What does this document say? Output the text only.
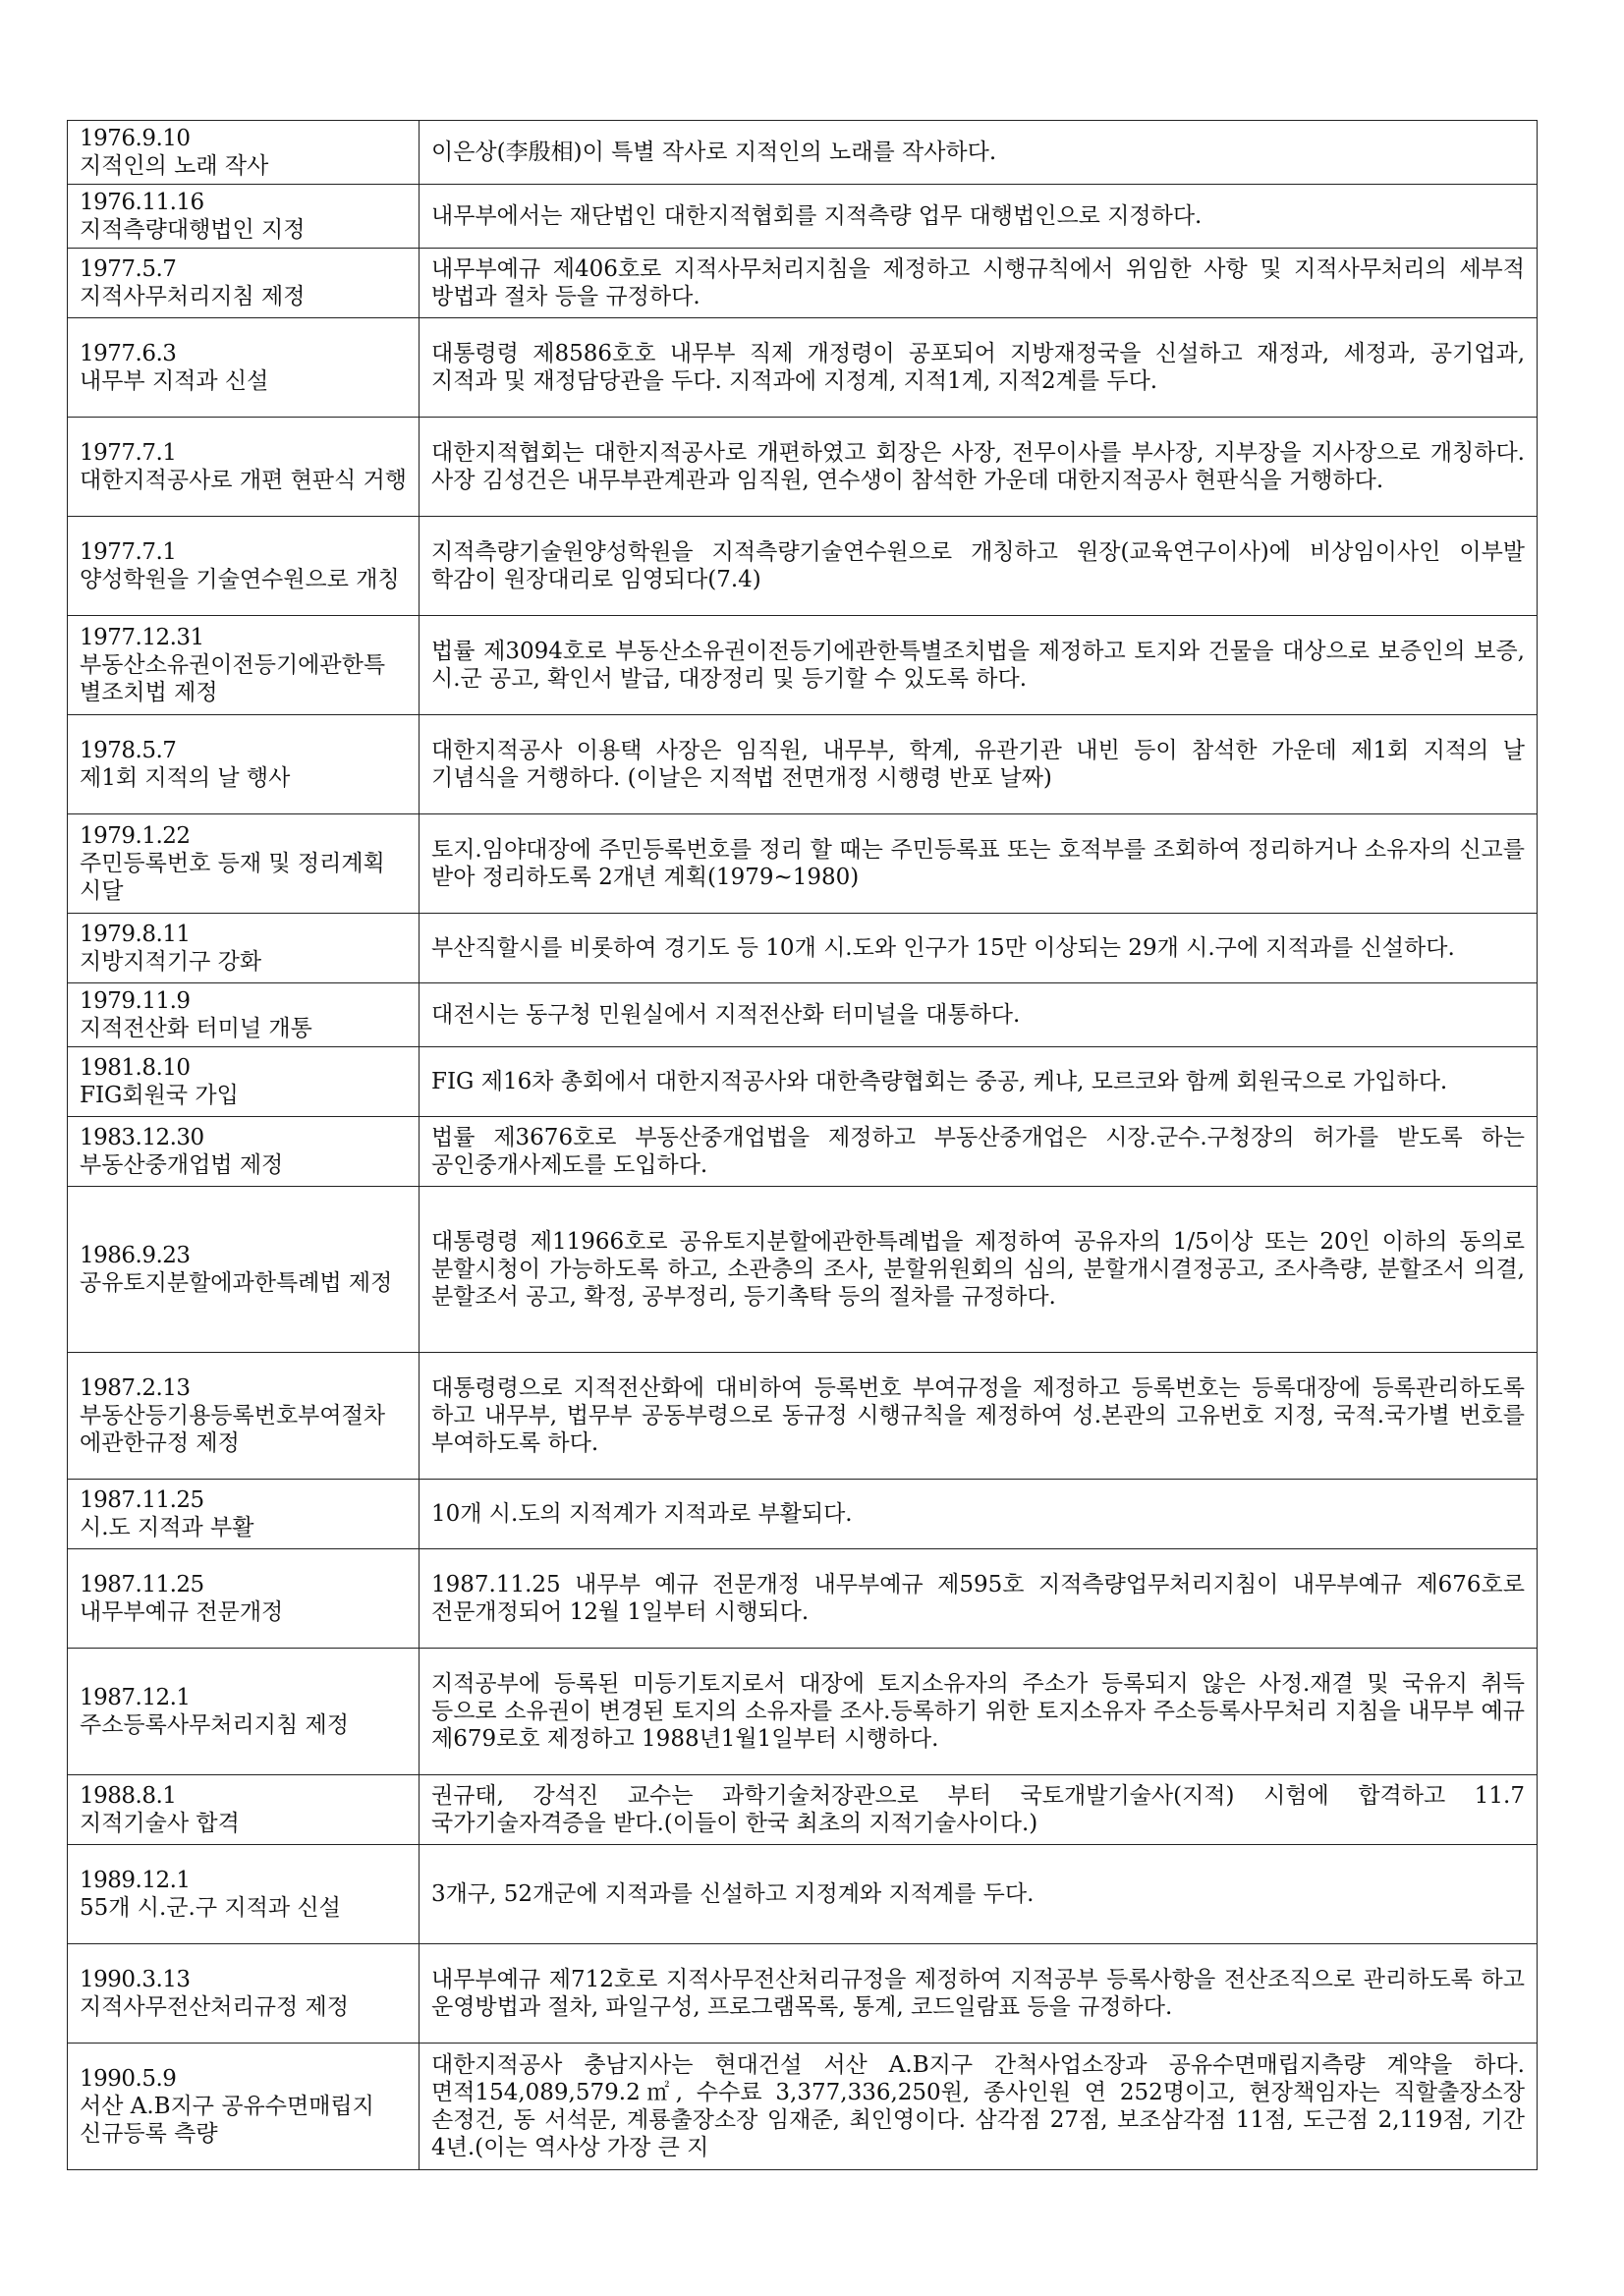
1976.9.10
지적인의 노래 작사	이은상(李殷相)이 특별 작사로 지적인의 노래를 작사하다.

1976.11.16
지적측량대행법인 지정	내무부에서는 재단법인 대한지적협회를 지적측량 업무 대행법인으로 지정하다.

1977.5.7
지적사무처리지침 제정	내무부예규 제406호로 지적사무처리지침을 제정하고 시행규칙에서 위임한 사항 및 지적사무처리의 세부적 방법과 절차 등을 규정하다.

1977.6.3
내무부 지적과 신설	대통령령 제8586호호 내무부 직제 개정령이 공포되어 지방재정국을 신설하고 재정과, 세정과, 공기업과, 지적과 및 재정담당관을 두다. 지적과에 지정계, 지적1계, 지적2계를 두다.

1977.7.1
대한지적공사로 개편 현판식 거행	대한지적협회는 대한지적공사로 개편하였고 회장은 사장, 전무이사를 부사장, 지부장을 지사장으로 개칭하다. 사장 김성건은 내무부관계관과 임직원, 연수생이 참석한 가운데 대한지적공사 현판식을 거행하다.

1977.7.1
양성학원을 기술연수원으로 개칭	지적측량기술원양성학원을 지적측량기술연수원으로 개칭하고 원장(교육연구이사)에 비상임이사인 이부발 학감이 원장대리로 임영되다(7.4)

1977.12.31
부동산소유권이전등기에관한특별조치법 제정	법률 제3094호로 부동산소유권이전등기에관한특별조치법을 제정하고 토지와 건물을 대상으로 보증인의 보증, 시.군 공고, 확인서 발급, 대장정리 및 등기할 수 있도록 하다.

1978.5.7
제1회 지적의 날 행사	대한지적공사 이용택 사장은 임직원, 내무부, 학계, 유관기관 내빈 등이 참석한 가운데 제1회 지적의 날 기념식을 거행하다. (이날은 지적법 전면개정 시행령 반포 날짜)

1979.1.22
주민등록번호 등재 및 정리계획 시달	토지.임야대장에 주민등록번호를 정리 할 때는 주민등록표 또는 호적부를 조회하여 정리하거나 소유자의 신고를 받아 정리하도록 2개년 계획(1979~1980)

1979.8.11
지방지적기구 강화	부산직할시를 비롯하여 경기도 등 10개 시.도와 인구가 15만 이상되는 29개 시.구에 지적과를 신설하다.

1979.11.9
지적전산화 터미널 개통	대전시는 동구청 민원실에서 지적전산화 터미널을 대통하다.

1981.8.10
FIG회원국 가입	FIG 제16차 총회에서 대한지적공사와 대한측량협회는 중공, 케냐, 모르코와 함께 회원국으로 가입하다.

1983.12.30
부동산중개업법 제정	법률 제3676호로 부동산중개업법을 제정하고 부동산중개업은 시장.군수.구청장의 허가를 받도록 하는 공인중개사제도를 도입하다.

1986.9.23
공유토지분할에과한특례법 제정	대통령령 제11966호로 공유토지분할에관한특례법을 제정하여 공유자의 1/5이상 또는 20인 이하의 동의로 분할시청이 가능하도록 하고, 소관층의 조사, 분할위원회의 심의, 분할개시결정공고, 조사측량, 분할조서 의결, 분할조서 공고, 확정, 공부정리, 등기촉탁 등의 절차를 규정하다.

1987.2.13
부동산등기용등록번호부여절차에관한규정 제정	대통령령으로 지적전산화에 대비하여 등록번호 부여규정을 제정하고 등록번호는 등록대장에 등록관리하도록 하고 내무부, 법무부 공동부령으로 동규정 시행규칙을 제정하여 성.본관의 고유번호 지정, 국적.국가별 번호를 부여하도록 하다.

1987.11.25
시.도 지적과 부활	10개 시.도의 지적계가 지적과로 부활되다.

1987.11.25
내무부예규 전문개정	1987.11.25 내무부 예규 전문개정 내무부예규 제595호 지적측량업무처리지침이 내무부예규 제676호로 전문개정되어 12월 1일부터 시행되다.

1987.12.1
주소등록사무처리지침 제정	지적공부에 등록된 미등기토지로서 대장에 토지소유자의 주소가 등록되지 않은 사정.재결 및 국유지 취득 등으로 소유권이 변경된 토지의 소유자를 조사.등록하기 위한 토지소유자 주소등록사무처리 지침을 내무부 예규 제679로호 제정하고 1988년1월1일부터 시행하다.

1988.8.1
지적기술사 합격	권규태, 강석진 교수는 과학기술처장관으로 부터 국토개발기술사(지적) 시험에 합격하고 11.7 국가기술자격증을 받다.(이들이 한국 최초의 지적기술사이다.)

1989.12.1
55개 시.군.구 지적과 신설	3개구, 52개군에 지적과를 신설하고 지정계와 지적계를 두다.

1990.3.13
지적사무전산처리규정 제정	내무부예규 제712호로 지적사무전산처리규정을 제정하여 지적공부 등록사항을 전산조직으로 관리하도록 하고 운영방법과 절차, 파일구성, 프로그램목록, 통계, 코드일람표 등을 규정하다.

1990.5.9
서산 A.B지구 공유수면매립지 신규등록 측량	대한지적공사 충남지사는 현대건설 서산 A.B지구 간척사업소장과 공유수면매립지측량 계약을 하다. 면적154,089,579.2㎡, 수수료 3,377,336,250원, 종사인원 연 252명이고, 현장책임자는 직할출장소장 손정건, 동 서석문, 계룡출장소장 임재준, 최인영이다. 삼각점 27점, 보조삼각점 11점, 도근점 2,119점, 기간 4년.(이는 역사상 가장 큰 지
